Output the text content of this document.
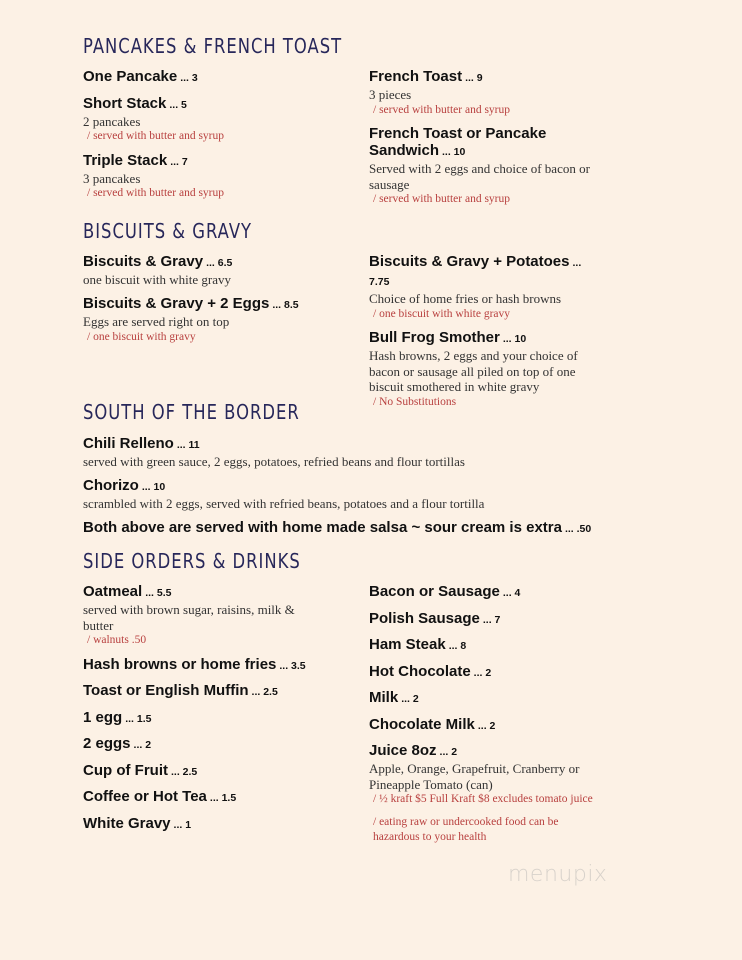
PANCAKES & FRENCH TOAST
One Pancake ... 3
Short Stack ... 5
2 pancakes
/ served with butter and syrup
Triple Stack ... 7
3 pancakes
/ served with butter and syrup
French Toast ... 9
3 pieces
/ served with butter and syrup
French Toast or Pancake Sandwich ... 10
Served with 2 eggs and choice of bacon or sausage
/ served with butter and syrup
BISCUITS & GRAVY
Biscuits & Gravy ... 6.5
one biscuit with white gravy
Biscuits & Gravy + 2 Eggs ... 8.5
Eggs are served right on top
/ one biscuit with gravy
Biscuits & Gravy + Potatoes ... 7.75
Choice of home fries or hash browns
/ one biscuit with white gravy
Bull Frog Smother ... 10
Hash browns, 2 eggs and your choice of bacon or sausage all piled on top of one biscuit smothered in white gravy
/ No Substitutions
SOUTH OF THE BORDER
Chili Relleno ... 11
served with green sauce, 2 eggs, potatoes, refried beans and flour tortillas
Chorizo ... 10
scrambled with 2 eggs, served with refried beans, potatoes and a flour tortilla
Both above are served with home made salsa ~ sour cream is extra ... .50
SIDE ORDERS & DRINKS
Oatmeal ... 5.5
served with brown sugar, raisins, milk & butter
/ walnuts .50
Hash browns or home fries ... 3.5
Toast or English Muffin ... 2.5
1 egg ... 1.5
2 eggs ... 2
Cup of Fruit ... 2.5
Coffee or Hot Tea ... 1.5
White Gravy ... 1
Bacon or Sausage ... 4
Polish Sausage ... 7
Ham Steak ... 8
Hot Chocolate ... 2
Milk ... 2
Chocolate Milk ... 2
Juice 8oz ... 2
Apple, Orange, Grapefruit, Cranberry or Pineapple Tomato (can)
/ ½ kraft $5 Full Kraft $8 excludes tomato juice
/ eating raw or undercooked food can be hazardous to your health
menupix
